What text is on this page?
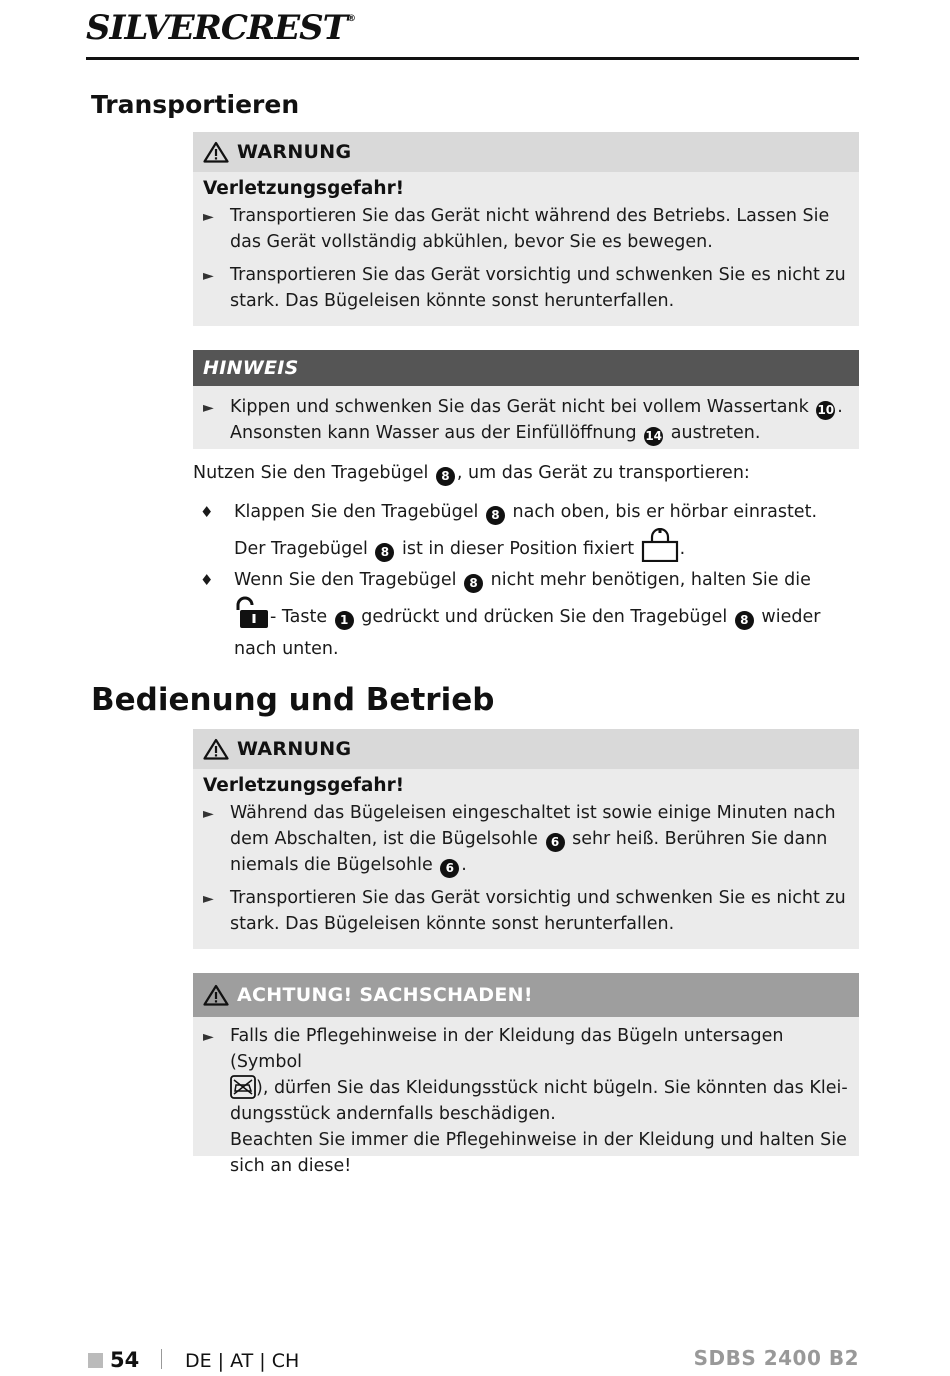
SILVERCREST®
Transportieren
WARNUNG
Verletzungsgefahr!
► Transportieren Sie das Gerät nicht während des Betriebs. Lassen Sie das Gerät vollständig abkühlen, bevor Sie es bewegen.
► Transportieren Sie das Gerät vorsichtig und schwenken Sie es nicht zu stark. Das Bügeleisen könnte sonst herunterfallen.
HINWEIS
► Kippen und schwenken Sie das Gerät nicht bei vollem Wassertank 10 . Ansonsten kann Wasser aus der Einfüllöffnung 14 austreten.
Nutzen Sie den Tragebügel 8 , um das Gerät zu transportieren:
♦	Klappen Sie den Tragebügel 8 nach oben, bis er hörbar einrastet. Der Tragebügel 8 ist in dieser Position fixiert	.
♦	Wenn Sie den Tragebügel 8 nicht mehr benötigen, halten Sie die
- Taste 1 gedrückt und drücken Sie den Tragebügel 8 wieder nach unten.
Bedienung und Betrieb
WARNUNG
Verletzungsgefahr!
► Während das Bügeleisen eingeschaltet ist sowie einige Minuten nach dem Abschalten, ist die Bügelsohle 6 sehr heiß. Berühren Sie dann niemals die Bügelsohle 6 .
► Transportieren Sie das Gerät vorsichtig und schwenken Sie es nicht zu stark. Das Bügeleisen könnte sonst herunterfallen.
ACHTUNG! SACHSCHADEN!
► Falls die Pflegehinweise in der Kleidung das Bügeln untersagen (Symbol
), dürfen Sie das Kleidungsstück nicht bügeln. Sie könnten das Kleidungsstück andernfalls beschädigen.
Beachten Sie immer die Pflegehinweise in der Kleidung und halten Sie sich an diese!
54 DE | AT | CH	SDBS 2400 B2
